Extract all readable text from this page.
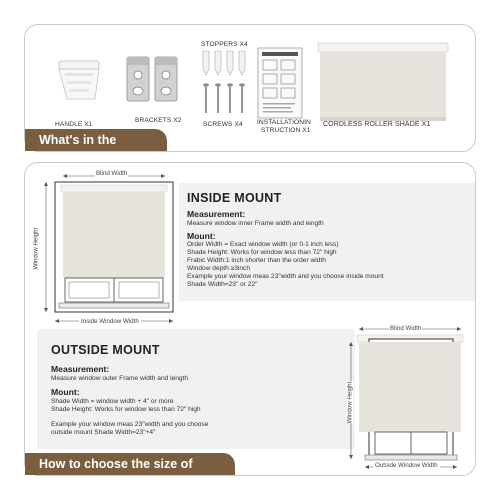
HANDLE X1
BRACKETS X2
STOPPERS X4
SCREWS X4 INSTALLATIONIN
STRUCTION X1
CORDLESS ROLLER SHADE X1
What's in the
Blind Width
Window Height
Inside Window Width
INSIDE MOUNT
Measurement:
Measure window inner Frame width and length
Mount:
Order Width = Exact window width (or 0-1 inch less)
Shade Height: Works for window less than 72" high
Frabic Width:1 inch shorter than the order width
Window depth ≥3inch
Example your window meas 23"width and you choose inside mount
Shade Width=23" or 22"
OUTSIDE MOUNT
Measurement:
Measure window outer Frame width and length
Mount:
Shade Width = window width + 4" or more
Shade Height: Works for window less than 72" high
Example your window meas 23"width and you choose
outside mount Shade Width=23"+4"
Blind Width
Window Height
Outside Window Width
How to choose the size of shades
